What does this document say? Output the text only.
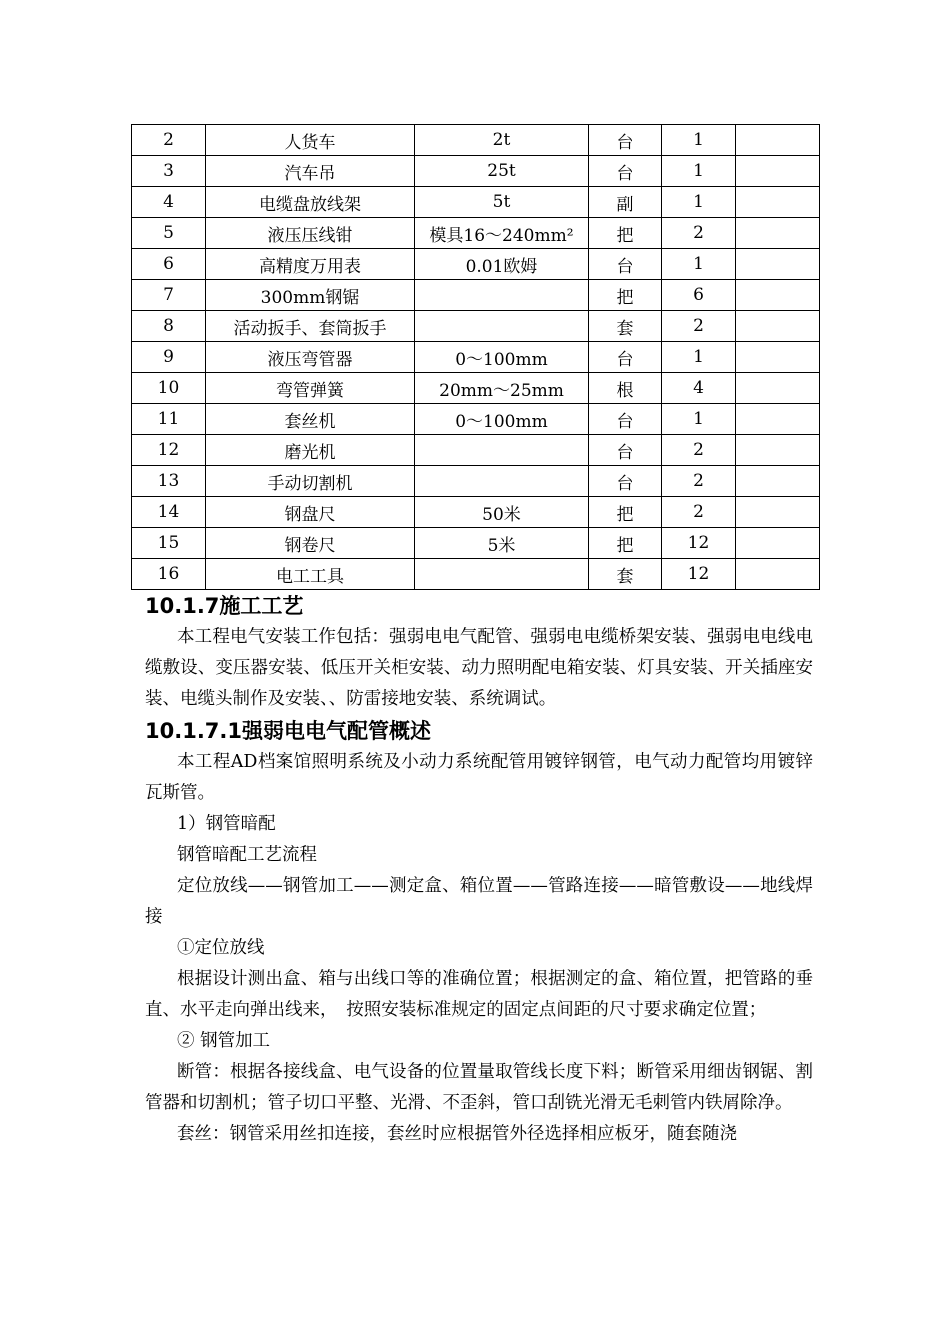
2	人货车	2t	台	1	
3	汽车吊	25t	台	1	
4	电缆盘放线架	5t	副	1	
5	液压压线钳	模具16～240mm²	把	2	
6	高精度万用表	0.01欧姆	台	1	
7	300mm钢锯		把	6	
8	活动扳手、套筒扳手		套	2	
9	液压弯管器	0～100mm	台	1	
10	弯管弹簧	20mm～25mm	根	4	
11	套丝机	0～100mm	台	1	
12	磨光机		台	2	
13	手动切割机		台	2	
14	钢盘尺	50米	把	2	
15	钢卷尺	5米	把	12	
16	电工工具		套	12	
10.1.7施工工艺

本工程电气安装工作包括：强弱电电气配管、强弱电电缆桥架安装、强弱电电线电缆敷设、变压器安装、低压开关柜安装、动力照明配电箱安装、灯具安装、开关插座安装、电缆头制作及安装、、防雷接地安装、系统调试。

10.1.7.1强弱电电气配管概述

本工程AD档案馆照明系统及小动力系统配管用镀锌钢管，电气动力配管均用镀锌瓦斯管。

1）钢管暗配

钢管暗配工艺流程

定位放线——钢管加工——测定盒、箱位置——管路连接——暗管敷设——地线焊接

①定位放线

根据设计测出盒、箱与出线口等的准确位置；根据测定的盒、箱位置，把管路的垂直、水平走向弹出线来，　按照安装标准规定的固定点间距的尺寸要求确定位置；

② 钢管加工

断管：根据各接线盒、电气设备的位置量取管线长度下料；断管采用细齿钢锯、割管器和切割机；管子切口平整、光滑、不歪斜，管口刮铣光滑无毛刺管内铁屑除净。

套丝：钢管采用丝扣连接，套丝时应根据管外径选择相应板牙，随套随浇
